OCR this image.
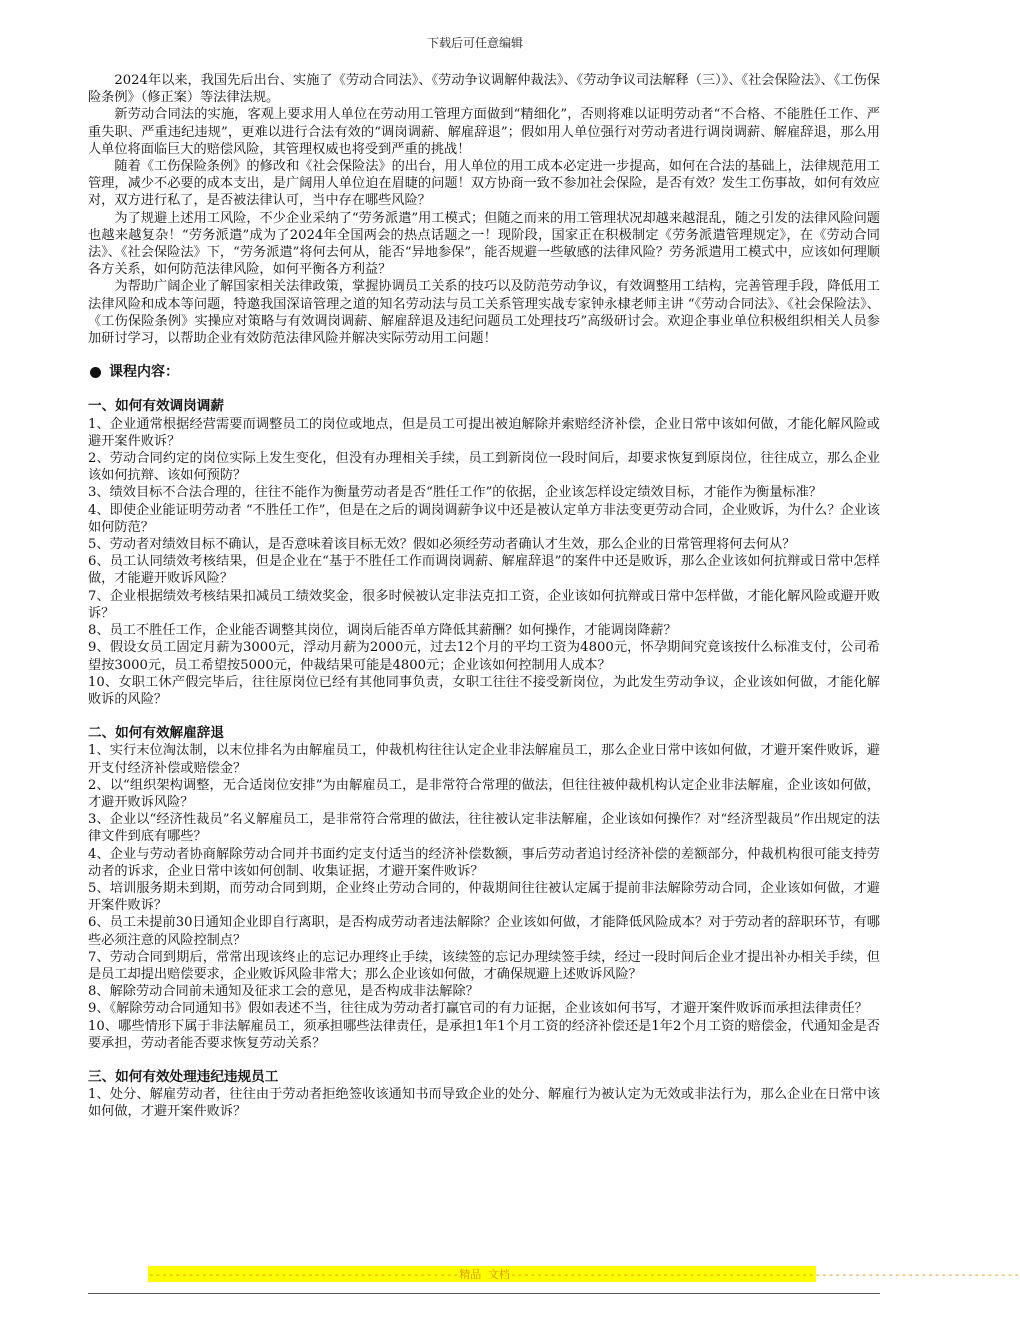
下载后可任意编辑

2024年以来，我国先后出台、实施了《劳动合同法》、《劳动争议调解仲裁法》、《劳动争议司法解释（三）》、《社会保险法》、《工伤保险条例》（修正案）等法律法规。

新劳动合同法的实施，客观上要求用人单位在劳动用工管理方面做到“精细化”，否则将难以证明劳动者“不合格、不能胜任工作、严重失职、严重违纪违规”，更难以进行合法有效的“调岗调薪、解雇辞退”；假如用人单位强行对劳动者进行调岗调薪、解雇辞退，那么用人单位将面临巨大的赔偿风险，其管理权威也将受到严重的挑战！

随着《工伤保险条例》的修改和《社会保险法》的出台，用人单位的用工成本必定进一步提高，如何在合法的基础上，法律规范用工管理，减少不必要的成本支出，是广阔用人单位迫在眉睫的问题！双方协商一致不参加社会保险，是否有效？发生工伤事故，如何有效应对，双方进行私了，是否被法律认可，当中存在哪些风险？

为了规避上述用工风险，不少企业采纳了“劳务派遣”用工模式；但随之而来的用工管理状况却越来越混乱，随之引发的法律风险问题也越来越复杂！“劳务派遣”成为了2024年全国两会的热点话题之一！现阶段，国家正在积极制定《劳务派遣管理规定》，在《劳动合同法》、《社会保险法》下，“劳务派遣”将何去何从，能否“异地参保”，能否规避一些敏感的法律风险？劳务派遣用工模式中，应该如何理顺各方关系，如何防范法律风险，如何平衡各方利益？

为帮助广阔企业了解国家相关法律政策，掌握协调员工关系的技巧以及防范劳动争议，有效调整用工结构，完善管理手段，降低用工法律风险和成本等问题，特邀我国深谙管理之道的知名劳动法与员工关系管理实战专家钟永棣老师主讲 “《劳动合同法》、《社会保险法》、《工伤保险条例》实操应对策略与有效调岗调薪、解雇辞退及违纪问题员工处理技巧”高级研讨会。欢迎企事业单位积极组织相关人员参加研讨学习，以帮助企业有效防范法律风险并解决实际劳动用工问题！

课程内容：
一、如何有效调岗调薪

1、企业通常根据经营需要而调整员工的岗位或地点，但是员工可提出被迫解除并索赔经济补偿，企业日常中该如何做，才能化解风险或避开案件败诉？

2、劳动合同约定的岗位实际上发生变化，但没有办理相关手续，员工到新岗位一段时间后，却要求恢复到原岗位，往往成立，那么企业该如何抗辩、该如何预防？

3、绩效目标不合法合理的，往往不能作为衡量劳动者是否“胜任工作”的依据，企业该怎样设定绩效目标，才能作为衡量标准？

4、即使企业能证明劳动者 “不胜任工作”，但是在之后的调岗调薪争议中还是被认定单方非法变更劳动合同，企业败诉，为什么？企业该如何防范？

5、劳动者对绩效目标不确认，是否意味着该目标无效？假如必须经劳动者确认才生效，那么企业的日常管理将何去何从？

6、员工认同绩效考核结果，但是企业在“基于不胜任工作而调岗调薪、解雇辞退”的案件中还是败诉，那么企业该如何抗辩或日常中怎样做，才能避开败诉风险？

7、企业根据绩效考核结果扣减员工绩效奖金，很多时候被认定非法克扣工资，企业该如何抗辩或日常中怎样做，才能化解风险或避开败诉？

8、员工不胜任工作，企业能否调整其岗位，调岗后能否单方降低其薪酬？如何操作，才能调岗降薪？

9、假设女员工固定月薪为3000元，浮动月薪为2000元，过去12个月的平均工资为4800元，怀孕期间究竟该按什么标准支付，公司希望按3000元，员工希望按5000元，仲裁结果可能是4800元；企业该如何控制用人成本？

10、女职工休产假完毕后，往往原岗位已经有其他同事负责，女职工往往不接受新岗位，为此发生劳动争议，企业该如何做，才能化解败诉的风险？

二、如何有效解雇辞退

1、实行末位淘汰制，以末位排名为由解雇员工，仲裁机构往往认定企业非法解雇员工，那么企业日常中该如何做，才避开案件败诉，避开支付经济补偿或赔偿金？

2、以“组织架构调整，无合适岗位安排”为由解雇员工，是非常符合常理的做法，但往往被仲裁机构认定企业非法解雇，企业该如何做，才避开败诉风险？

3、企业以“经济性裁员”名义解雇员工，是非常符合常理的做法，往往被认定非法解雇，企业该如何操作？对“经济型裁员”作出规定的法律文件到底有哪些？

4、企业与劳动者协商解除劳动合同并书面约定支付适当的经济补偿数额，事后劳动者追讨经济补偿的差额部分，仲裁机构很可能支持劳动者的诉求，企业日常中该如何创制、收集证据，才避开案件败诉？

5、培训服务期未到期，而劳动合同到期，企业终止劳动合同的，仲裁期间往往被认定属于提前非法解除劳动合同，企业该如何做，才避开案件败诉？

6、员工未提前30日通知企业即自行离职，是否构成劳动者违法解除？企业该如何做，才能降低风险成本？对于劳动者的辞职环节，有哪些必须注意的风险控制点？

7、劳动合同到期后，常常出现该终止的忘记办理终止手续，该续签的忘记办理续签手续，经过一段时间后企业才提出补办相关手续，但是员工却提出赔偿要求，企业败诉风险非常大；那么企业该如何做，才确保规避上述败诉风险？

8、解除劳动合同前未通知及征求工会的意见，是否构成非法解除？

9、《解除劳动合同通知书》假如表述不当，往往成为劳动者打赢官司的有力证据，企业该如何书写，才避开案件败诉而承担法律责任？

10、哪些情形下属于非法解雇员工，须承担哪些法律责任，是承担1年1个月工资的经济补偿还是1年2个月工资的赔偿金，代通知金是否要承担，劳动者能否要求恢复劳动关系？

三、如何有效处理违纪违规员工

1、处分、解雇劳动者，往往由于劳动者拒绝签收该通知书而导致企业的处分、解雇行为被认定为无效或非法行为，那么企业在日常中该如何做，才避开案件败诉？

-----------------------------------------------精品 文档-----------------------------------------------------------------------------
